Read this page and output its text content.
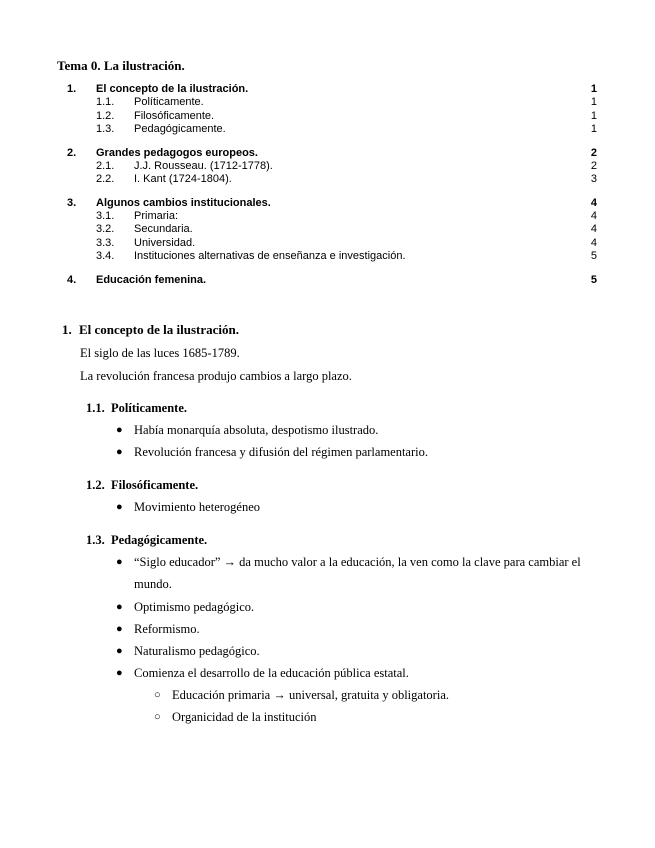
Tema 0. La ilustración.
1. El concepto de la ilustración.	1
1.1. Políticamente.	1
1.2. Filosóficamente.	1
1.3. Pedagógicamente.	1
2. Grandes pedagogos europeos.	2
2.1. J.J. Rousseau. (1712-1778).	2
2.2. I. Kant (1724-1804).	3
3. Algunos cambios institucionales.	4
3.1. Primaria:	4
3.2. Secundaria.	4
3.3. Universidad.	4
3.4. Instituciones alternativas de enseñanza e investigación.	5
4. Educación femenina.	5
1. El concepto de la ilustración.
El siglo de las luces 1685-1789.
La revolución francesa produjo cambios a largo plazo.
1.1. Políticamente.
● Había monarquía absoluta, despotismo ilustrado.
● Revolución francesa y difusión del régimen parlamentario.
1.2. Filosóficamente.
● Movimiento heterogéneo
1.3. Pedagógicamente.
● “Siglo educador” → da mucho valor a la educación, la ven como la clave para cambiar el mundo.
● Optimismo pedagógico.
● Reformismo.
● Naturalismo pedagógico.
● Comienza el desarrollo de la educación pública estatal.
○ Educación primaria → universal, gratuita y obligatoria.
○ Organicidad de la institución
